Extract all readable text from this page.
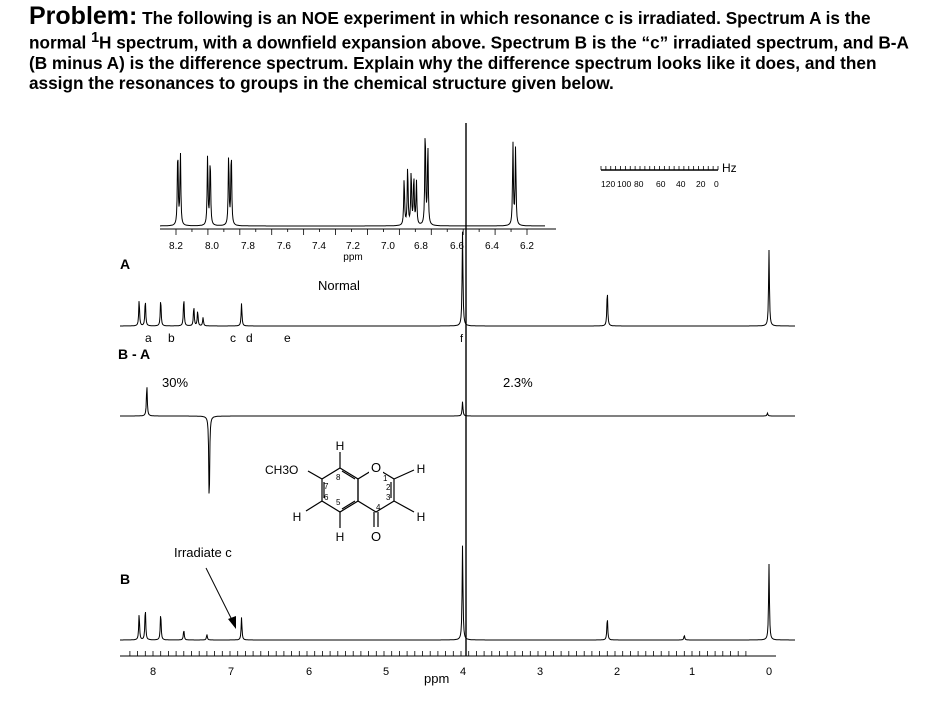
Problem: The following is an NOE experiment in which resonance c is irradiated. Spectrum A is the normal $^1$H spectrum, with a downfield expansion above. Spectrum B is the “c” irradiated spectrum, and B-A (B minus A) is the difference spectrum. Explain why the difference spectrum looks like it does, and then assign the resonances to groups in the chemical structure given below.

8.2 8.0 7.8 7.6 7.4 7.2
ppm
7.0 6.8 6.6 6.4 6.2
Hz
120 100 80 60 40 20 0
A
Normal
a b	c d	e	f
B - A
30%	2.3%
O
O
CH3O
H
H
H
H
H
1
2
3
4
5
6
7
8
Irradiate c
B
8	7	6	5	4	3	2	1	0
ppm
